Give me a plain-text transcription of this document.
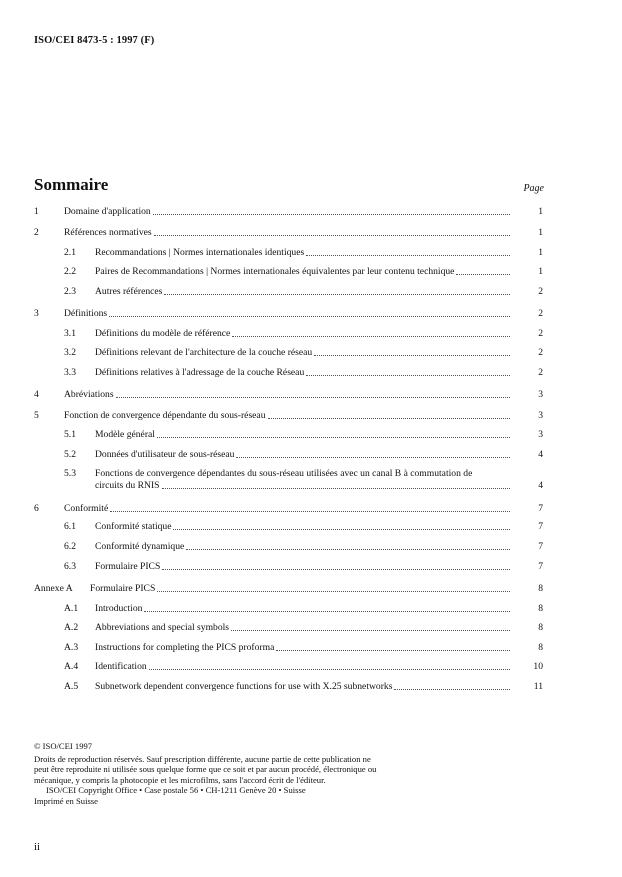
ISO/CEI 8473-5 : 1997 (F)
Sommaire	Page
1	Domaine d'application	1
2	Références normatives	1
2.1 Recommandations | Normes internationales identiques	1
2.2 Paires de Recommandations | Normes internationales équivalentes par leur contenu technique	1
2.3 Autres références	2
3	Définitions	2
3.1 Définitions du modèle de référence	2
3.2 Définitions relevant de l'architecture de la couche réseau	2
3.3 Définitions relatives à l'adressage de la couche Réseau	2
4	Abréviations	3
5	Fonction de convergence dépendante du sous-réseau	3
5.1 Modèle général	3
5.2 Données d'utilisateur de sous-réseau	4
5.3 Fonctions de convergence dépendantes du sous-réseau utilisées avec un canal B à commutation de
circuits du RNIS	4
6	Conformité	7
6.1 Conformité statique	7
6.2 Conformité dynamique	7
6.3 Formulaire PICS	7
Annexe A Formulaire PICS	8
A.1 Introduction	8
A.2 Abbreviations and special symbols	8
A.3 Instructions for completing the PICS proforma	8
A.4 Identification	10
A.5 Subnetwork dependent convergence functions for use with X.25 subnetworks	11
© ISO/CEI 1997
Droits de reproduction réservés. Sauf prescription différente, aucune partie de cette publication ne
peut être reproduite ni utilisée sous quelque forme que ce soit et par aucun procédé, électronique ou
mécanique, y compris la photocopie et les microfilms, sans l'accord écrit de l'éditeur.
ISO/CEI Copyright Office • Case postale 56 • CH-1211 Genève 20 • Suisse
Imprimé en Suisse
ii
